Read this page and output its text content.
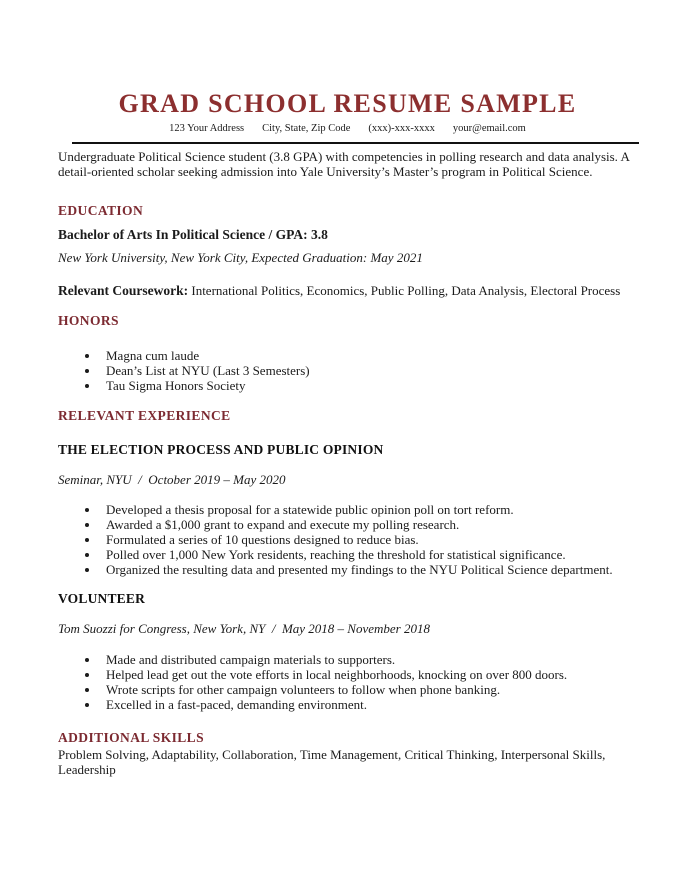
GRAD SCHOOL RESUME SAMPLE
123 Your Address City, State, Zip Code (xxx)-xxx-xxxx your@email.com

Undergraduate Political Science student (3.8 GPA) with competencies in polling research and data analysis. A detail-oriented scholar seeking admission into Yale University’s Master’s program in Political Science.

EDUCATION

Bachelor of Arts In Political Science / GPA: 3.8

New York University, New York City, Expected Graduation: May 2021

Relevant Coursework: International Politics, Economics, Public Polling, Data Analysis, Electoral Process

HONORS
• Magna cum laude
• Dean’s List at NYU (Last 3 Semesters)
• Tau Sigma Honors Society
RELEVANT EXPERIENCE
THE ELECTION PROCESS AND PUBLIC OPINION

Seminar, NYU  /  October 2019 – May 2020

• Developed a thesis proposal for a statewide public opinion poll on tort reform.
• Awarded a $1,000 grant to expand and execute my polling research.
• Formulated a series of 10 questions designed to reduce bias.
• Polled over 1,000 New York residents, reaching the threshold for statistical significance.
• Organized the resulting data and presented my findings to the NYU Political Science department.
VOLUNTEER

Tom Suozzi for Congress, New York, NY  /  May 2018 – November 2018

• Made and distributed campaign materials to supporters.
• Helped lead get out the vote efforts in local neighborhoods, knocking on over 800 doors.
• Wrote scripts for other campaign volunteers to follow when phone banking.
• Excelled in a fast-paced, demanding environment.
ADDITIONAL SKILLS

Problem Solving, Adaptability, Collaboration, Time Management, Critical Thinking, Interpersonal Skills, Leadership
